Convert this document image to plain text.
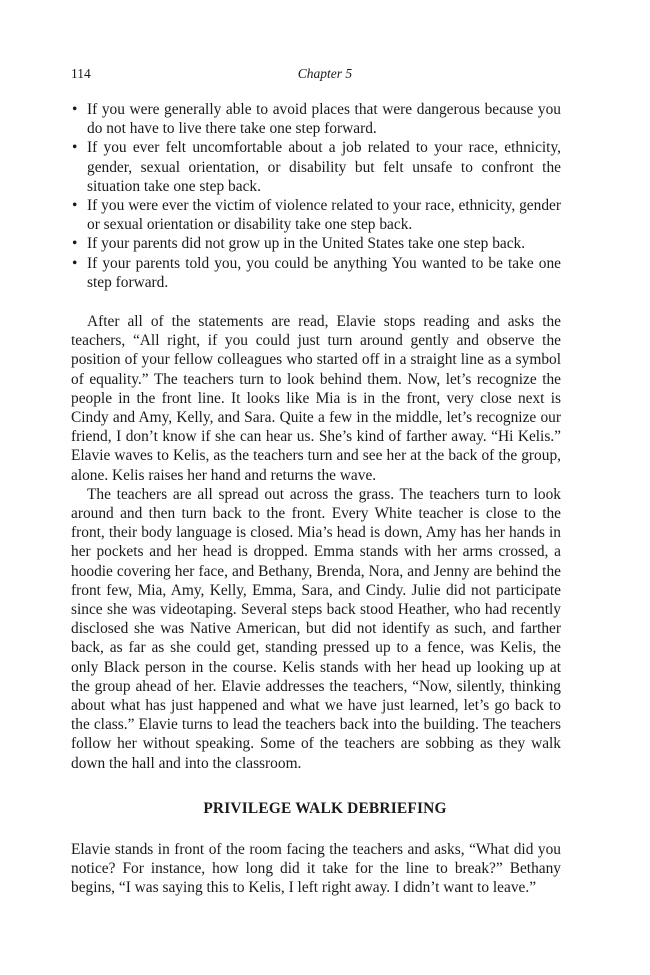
114	Chapter 5
• If you were generally able to avoid places that were dangerous because you do not have to live there take one step forward.
• If you ever felt uncomfortable about a job related to your race, ethnicity, gender, sexual orientation, or disability but felt unsafe to confront the situation take one step back.
• If you were ever the victim of violence related to your race, ethnicity, gender or sexual orientation or disability take one step back.
• If your parents did not grow up in the United States take one step back.
• If your parents told you, you could be anything You wanted to be take one step forward.

After all of the statements are read, Elavie stops reading and asks the teachers, “All right, if you could just turn around gently and observe the position of your fellow colleagues who started off in a straight line as a symbol of equality.” The teachers turn to look behind them. Now, let’s recognize the people in the front line. It looks like Mia is in the front, very close next is Cindy and Amy, Kelly, and Sara. Quite a few in the middle, let’s recognize our friend, I don’t know if she can hear us. She’s kind of farther away. “Hi Kelis.” Elavie waves to Kelis, as the teachers turn and see her at the back of the group, alone. Kelis raises her hand and returns the wave.

The teachers are all spread out across the grass. The teachers turn to look around and then turn back to the front. Every White teacher is close to the front, their body language is closed. Mia’s head is down, Amy has her hands in her pockets and her head is dropped. Emma stands with her arms crossed, a hoodie covering her face, and Bethany, Brenda, Nora, and Jenny are behind the front few, Mia, Amy, Kelly, Emma, Sara, and Cindy. Julie did not participate since she was videotaping. Several steps back stood Heather, who had recently disclosed she was Native American, but did not identify as such, and farther back, as far as she could get, standing pressed up to a fence, was Kelis, the only Black person in the course. Kelis stands with her head up looking up at the group ahead of her. Elavie addresses the teachers, “Now, silently, thinking about what has just happened and what we have just learned, let’s go back to the class.” Elavie turns to lead the teachers back into the building. The teachers follow her without speaking. Some of the teachers are sobbing as they walk down the hall and into the classroom.

PRIVILEGE WALK DEBRIEFING

Elavie stands in front of the room facing the teachers and asks, “What did you notice? For instance, how long did it take for the line to break?” Bethany begins, “I was saying this to Kelis, I left right away. I didn’t want to leave.”
